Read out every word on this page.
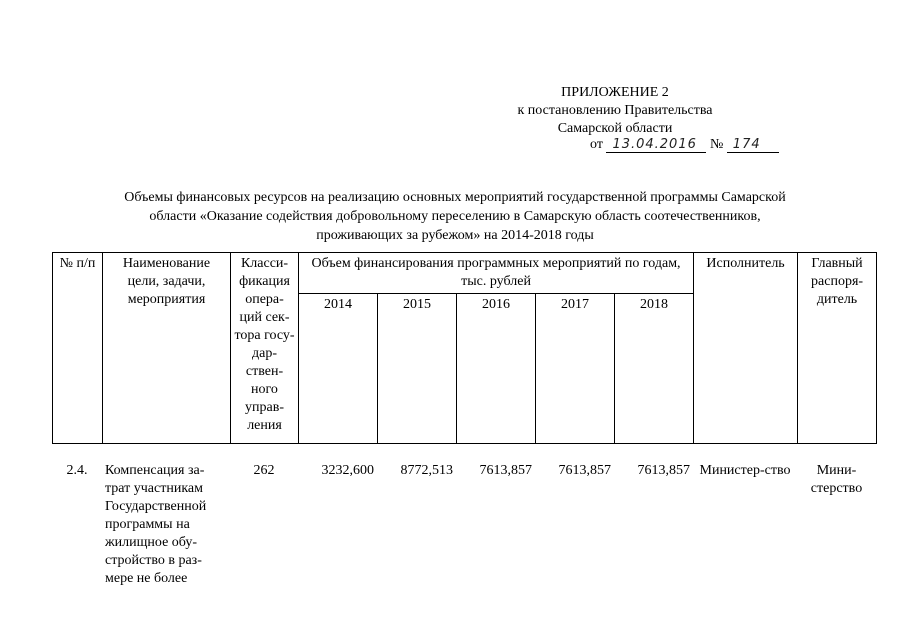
ПРИЛОЖЕНИЕ 2
к постановлению Правительства
Самарской области
от 13.04.2016 № 174
Объемы финансовых ресурсов на реализацию основных мероприятий государственной программы Самарской
области «Оказание содействия добровольному переселению в Самарскую область соотечественников,
проживающих за рубежом» на 2014-2018 годы
№ п/п	Наименование цели, задачи, мероприятия	Класси-фикация опера-ций сек-тора госу-дар-ствен-ного управ-ления	Объем финансирования программных мероприятий по годам, тыс. рублей					Исполнитель	Главный распоря-дитель
			2014	2015	2016	2017	2018		
2.4.	Компенсация за-трат участникам Государственной программы на жилищное обу-стройство в раз-мере не более	262	3232,600	8772,513	7613,857	7613,857	7613,857	Министер-ство	Мини-стерство
